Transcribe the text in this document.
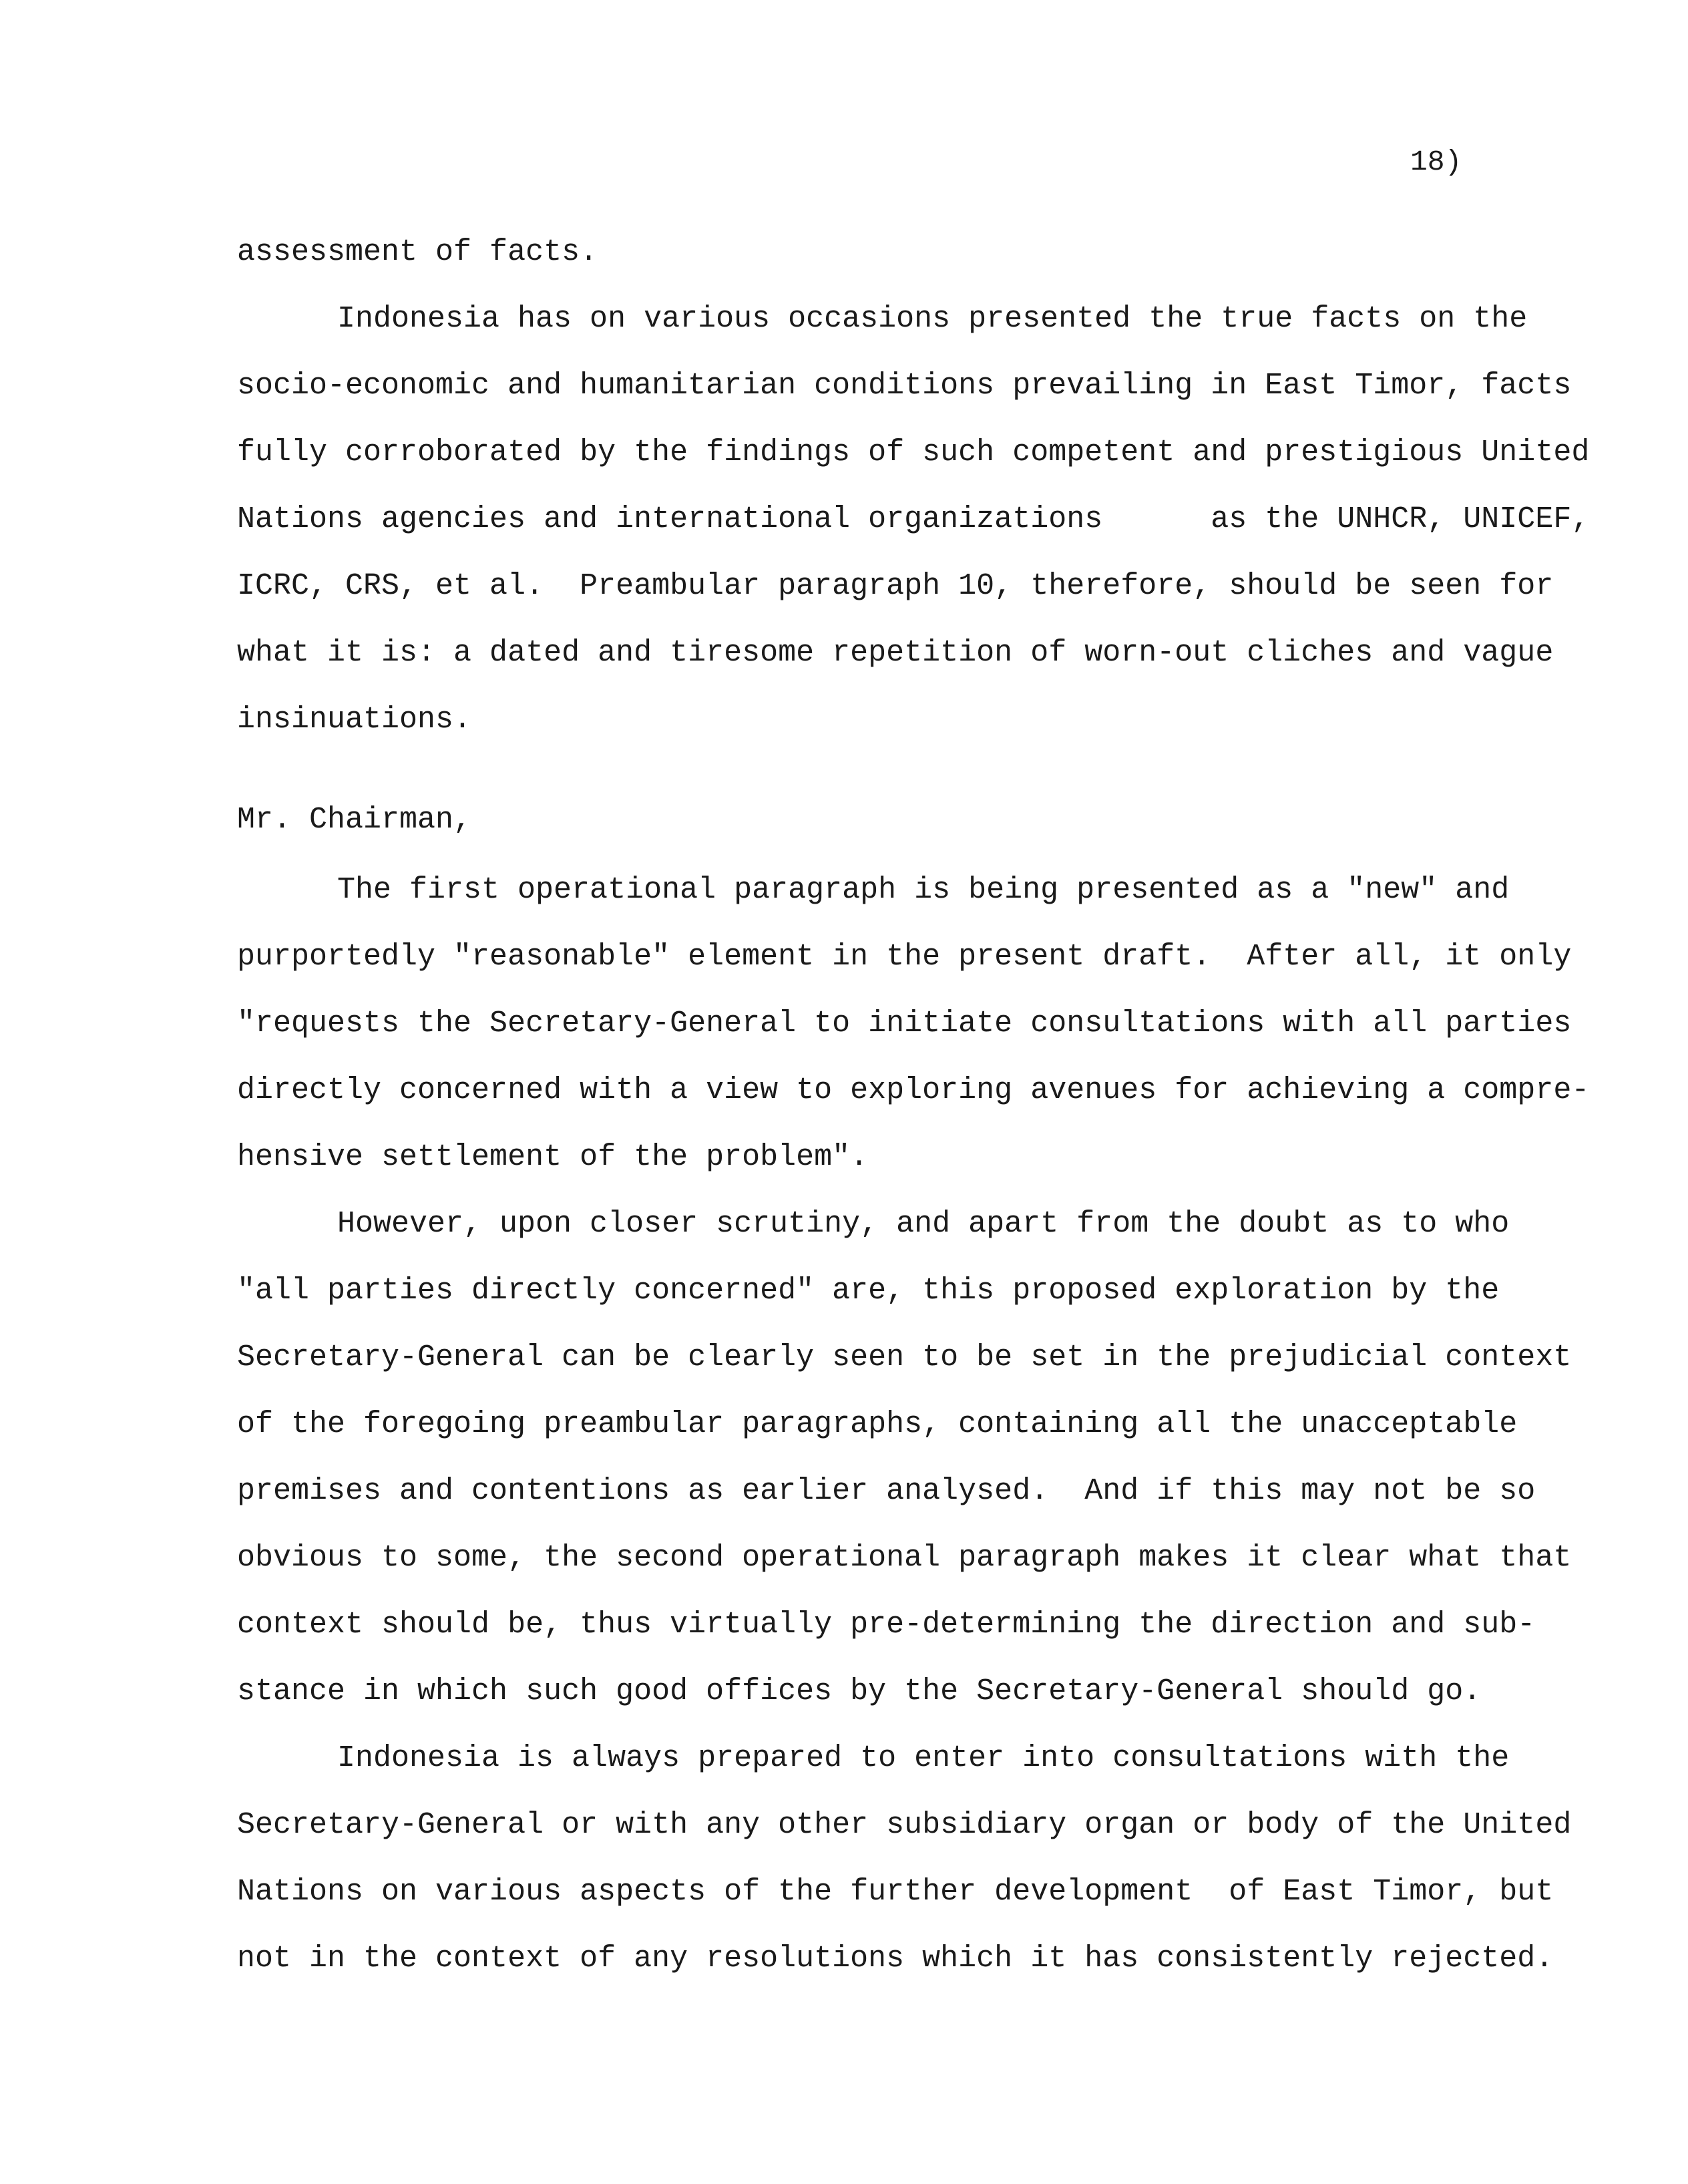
18)
assessment of facts.
Indonesia has on various occasions presented the true facts on the
socio-economic and humanitarian conditions prevailing in East Timor, facts
fully corroborated by the findings of such competent and prestigious United
Nations agencies and international organizations      as the UNHCR, UNICEF,
ICRC, CRS, et al.  Preambular paragraph 10, therefore, should be seen for
what it is: a dated and tiresome repetition of worn-out cliches and vague
insinuations.
Mr. Chairman,
The first operational paragraph is being presented as a "new" and
purportedly "reasonable" element in the present draft.  After all, it only
"requests the Secretary-General to initiate consultations with all parties
directly concerned with a view to exploring avenues for achieving a compre-
hensive settlement of the problem".
However, upon closer scrutiny, and apart from the doubt as to who
"all parties directly concerned" are, this proposed exploration by the
Secretary-General can be clearly seen to be set in the prejudicial context
of the foregoing preambular paragraphs, containing all the unacceptable
premises and contentions as earlier analysed.  And if this may not be so
obvious to some, the second operational paragraph makes it clear what that
context should be, thus virtually pre-determining the direction and sub-
stance in which such good offices by the Secretary-General should go.
Indonesia is always prepared to enter into consultations with the
Secretary-General or with any other subsidiary organ or body of the United
Nations on various aspects of the further development  of East Timor, but
not in the context of any resolutions which it has consistently rejected.
